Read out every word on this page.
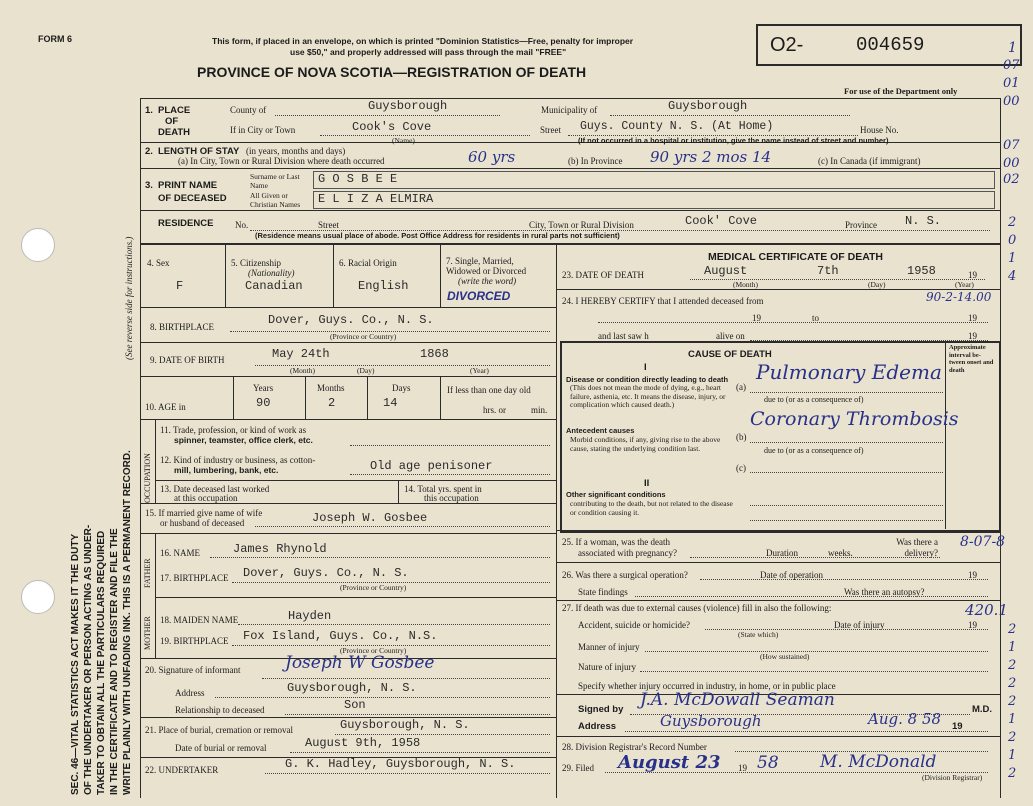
SEC. 46—VITAL STATISTICS ACT MAKES IT THE DUTY OF THE UNDERTAKER OR PERSON ACTING AS UNDER- TAKER TO OBTAIN ALL THE PARTICULARS REQUIRED IN THE CERTIFICATE AND TO REGISTER AND FILE THE WRITE PLAINLY WITH UNFADING INK. THIS IS A PERMANENT RECORD.
(See reverse side for instructions.)
FORM 6	This form, if placed in an envelope, on which is printed "Dominion Statistics—Free, penalty for improper
use $50," and properly addressed will pass through the mail "FREE"
PROVINCE OF NOVA SCOTIA—REGISTRATION OF DEATH
O2-	004659
For use of the Department only
1. PLACE
OF
DEATH
County of	Guysborough	Municipality of	Guysborough
If in City or Town	Cook's Cove	Street Guys. County N. S. (At Home)	House No.
(Name)	(If not occurred in a hospital or institution, give the name instead of street and number)
2. LENGTH OF STAY (in years, months and days)
(a) In City, Town or Rural Division where death occurred	60 yrs	(b) In Province 90 yrs 2 mos 14	(c) In Canada (if immigrant)
3. PRINT NAME
OF DECEASED
Surname or Last Name	G O S B E E
All Given or Christian Names	E L I Z A ELMIRA
RESIDENCE No.	Street	City, Town or Rural Division	Cook' Cove	Province N. S.
(Residence means usual place of abode. Post Office Address for residents in rural parts not sufficient)
4. Sex
F
5. Citizenship
(Nationality)
Canadian
6. Racial Origin
English
7. Single, Married,
Widowed or Divorced
(write the word)
DIVORCED
8. BIRTHPLACE	Dover, Guys. Co., N. S.
(Province or Country)
9. DATE OF BIRTH	May 24th	1868
(Month)	(Day)	(Year)
10. AGE in
Years	Months	Days
90	2	14
If less than one day old
hrs. or	min.
OCCUPATION
11. Trade, profession, or kind of work as
spinner, teamster, office clerk, etc.
12. Kind of industry or business, as cotton-
mill, lumbering, bank, etc.	Old age penisoner
13. Date deceased last worked
at this occupation
14. Total yrs. spent in
this occupation
15. If married give name of wife
or husband of deceased	Joseph W. Gosbee
FATHER
MOTHER
16. NAME	James Rhynold
17. BIRTHPLACE Dover, Guys. Co., N. S.
(Province or Country)
18. MAIDEN NAME	Hayden
19. BIRTHPLACE Fox Island, Guys. Co., N.S.
(Province or Country)
20. Signature of informant	Joseph W Gosbee
Address	Guysborough, N. S.
Relationship to deceased	Son
21. Place of burial, cremation or removal	Guysborough, N. S.
Date of burial or removal	August 9th, 1958
22. UNDERTAKER	G. K. Hadley, Guysborough, N. S.
MEDICAL CERTIFICATE OF DEATH
23. DATE OF DEATH	August	7th	1958	19
(Month)	(Day)	(Year)
24. I HEREBY CERTIFY that I attended deceased from	90-2-14.00
19	to	19
and last saw h	alive on	19
CAUSE OF DEATH
Approximate interval be- tween onset and death
I
Disease or condition directly leading to death
(This does not mean the mode of dying, e.g., heart failure, asthenia, etc. It means the disease, injury, or complication which caused death.)
(a)
Pulmonary Edema
due to (or as a consequence of)
Antecedent causes
Morbid conditions, if any, giving rise to the above cause, stating the underlying condition last.
(b)
Coronary Thrombosis
due to (or as a consequence of)
(c)
II
Other significant conditions
contributing to the death, but not related to the disease or condition causing it.
25. If a woman, was the death
associated with pregnancy?	Duration	weeks.
Was there a delivery?
8-07-8
26. Was there a surgical operation?	Date of operation	19
State findings	Was there an autopsy?
27. If death was due to external causes (violence) fill in also the following:	420.1
Accident, suicide or homicide?	Date of injury	19
(State which)
Manner of injury
(How sustained)
Nature of injury
Specify whether injury occurred in industry, in home, or in public place
Signed by J.A. McDowall Seaman	M.D.
Address	Guysborough	Aug. 8 58 19
28. Division Registrar's Record Number
29. Filed August 23 19 58 M. McDonald
(Division Registrar)
1
07
01
00
07
00
02
2
0
1
4
2
1
2
2
2
1
2
1
2
